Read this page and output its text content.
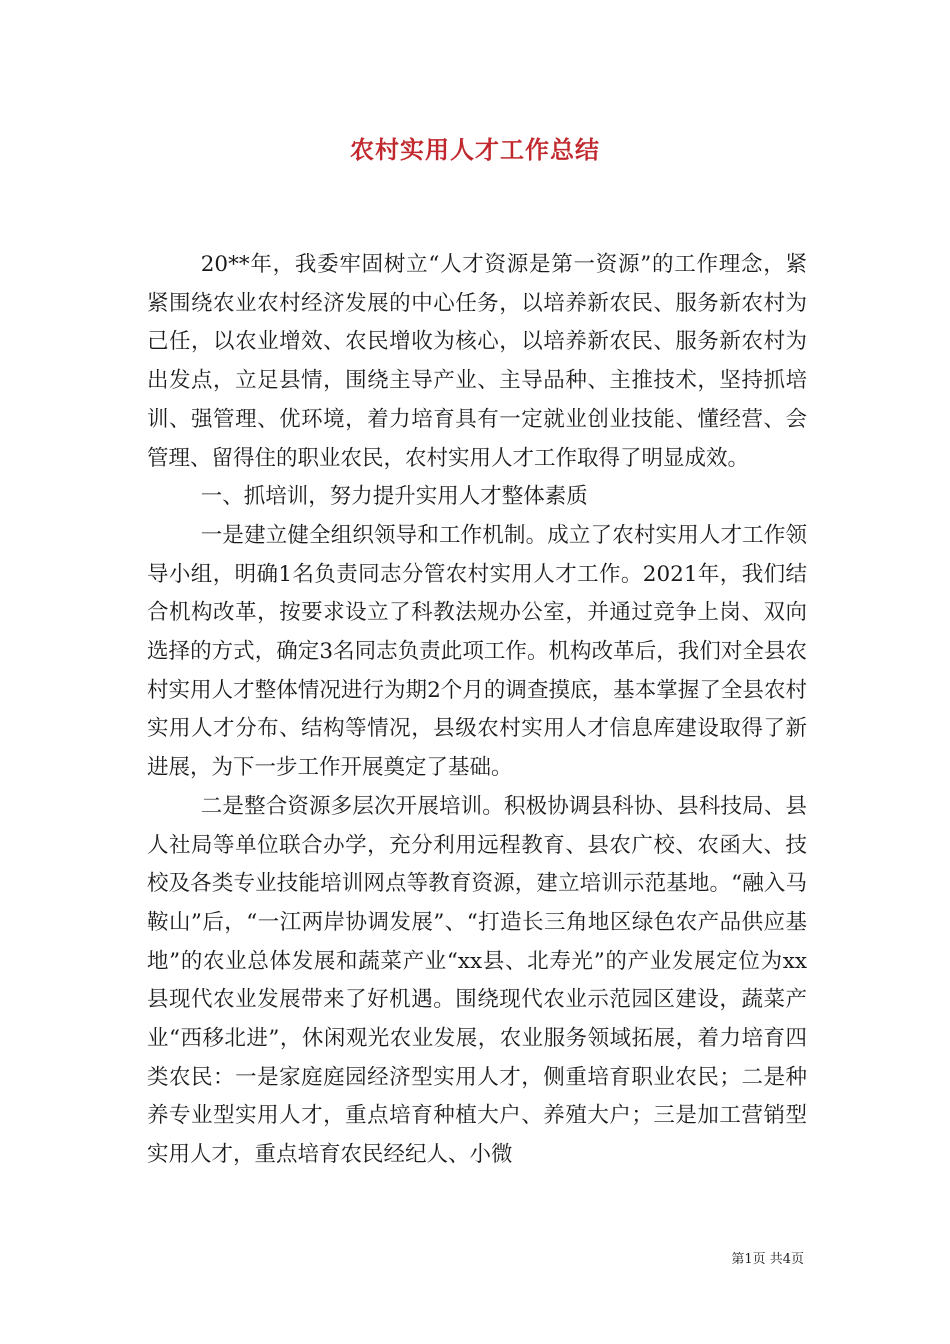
农村实用人才工作总结

20**年，我委牢固树立“人才资源是第一资源”的工作理念，紧紧围绕农业农村经济发展的中心任务，以培养新农民、服务新农村为己任，以农业增效、农民增收为核心，以培养新农民、服务新农村为出发点，立足县情，围绕主导产业、主导品种、主推技术，坚持抓培训、强管理、优环境，着力培育具有一定就业创业技能、懂经营、会管理、留得住的职业农民，农村实用人才工作取得了明显成效。

一、抓培训，努力提升实用人才整体素质

一是建立健全组织领导和工作机制。成立了农村实用人才工作领导小组，明确1名负责同志分管农村实用人才工作。2021年，我们结合机构改革，按要求设立了科教法规办公室，并通过竞争上岗、双向选择的方式，确定3名同志负责此项工作。机构改革后，我们对全县农村实用人才整体情况进行为期2个月的调查摸底，基本掌握了全县农村实用人才分布、结构等情况，县级农村实用人才信息库建设取得了新进展，为下一步工作开展奠定了基础。

二是整合资源多层次开展培训。积极协调县科协、县科技局、县人社局等单位联合办学，充分利用远程教育、县农广校、农函大、技校及各类专业技能培训网点等教育资源，建立培训示范基地。“融入马鞍山”后，“一江两岸协调发展”、“打造长三角地区绿色农产品供应基地”的农业总体发展和蔬菜产业“xx县、北寿光”的产业发展定位为xx县现代农业发展带来了好机遇。围绕现代农业示范园区建设，蔬菜产业“西移北进”，休闲观光农业发展，农业服务领域拓展，着力培育四类农民：一是家庭庭园经济型实用人才，侧重培育职业农民；二是种养专业型实用人才，重点培育种植大户、养殖大户；三是加工营销型实用人才，重点培育农民经纪人、小微

第1页 共4页
